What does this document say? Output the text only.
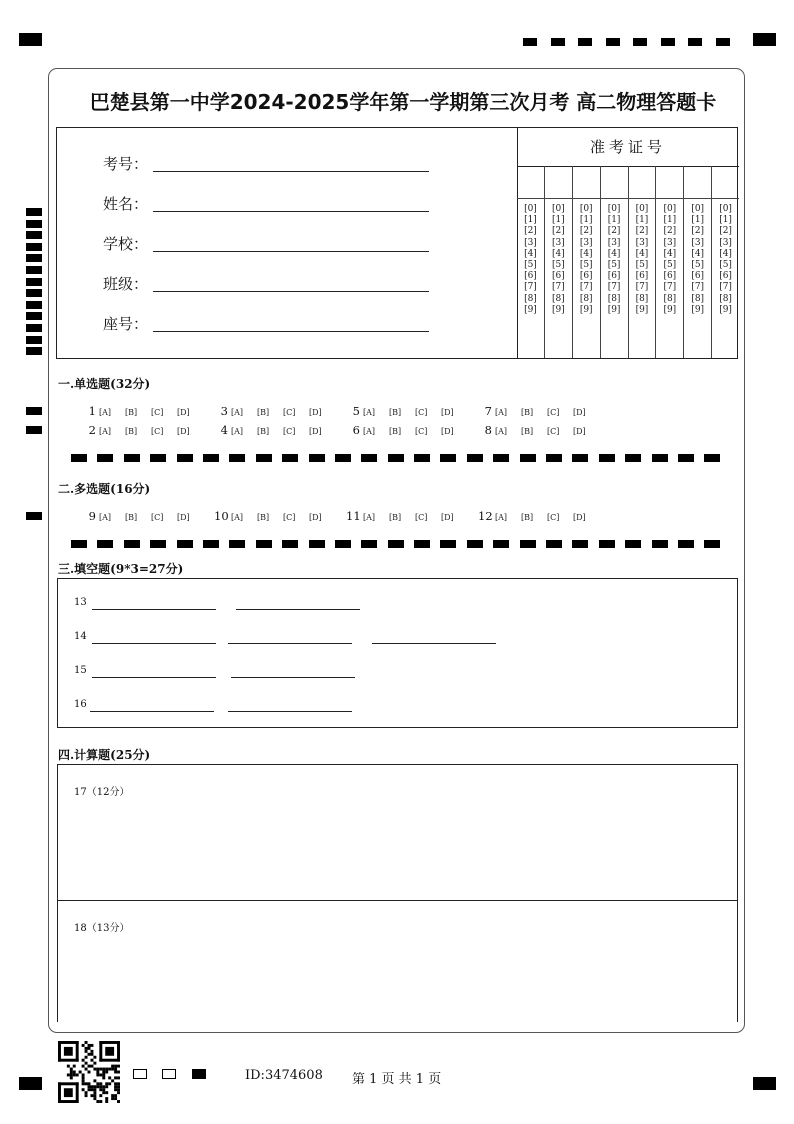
巴楚县第一中学2024-2025学年第一学期第三次月考 高二物理答题卡
考号：
姓名：
学校：
班级：
座号：
准考证号
[0]
[1]
[2]
[3]
[4]
[5]
[6]
[7]
[8]
[9]
[0]
[1]
[2]
[3]
[4]
[5]
[6]
[7]
[8]
[9]
[0]
[1]
[2]
[3]
[4]
[5]
[6]
[7]
[8]
[9]
[0]
[1]
[2]
[3]
[4]
[5]
[6]
[7]
[8]
[9]
[0]
[1]
[2]
[3]
[4]
[5]
[6]
[7]
[8]
[9]
[0]
[1]
[2]
[3]
[4]
[5]
[6]
[7]
[8]
[9]
[0]
[1]
[2]
[3]
[4]
[5]
[6]
[7]
[8]
[9]
[0]
[1]
[2]
[3]
[4]
[5]
[6]
[7]
[8]
[9]
一.单选题(32分)
1 [A] [B] [C] [D]	3 [A] [B] [C] [D]	5 [A] [B] [C] [D]	7 [A] [B] [C] [D]
2 [A] [B] [C] [D]	4 [A] [B] [C] [D]	6 [A] [B] [C] [D]	8 [A] [B] [C] [D]
二.多选题(16分)
9 [A] [B] [C] [D] 10 [A] [B] [C] [D] 11 [A] [B] [C] [D] 12 [A] [B] [C] [D]
三.填空题(9*3=27分)
13
14
15
16
四.计算题(25分)
17（12分）
18（13分）
ID:3474608 第 1 页 共 1 页
